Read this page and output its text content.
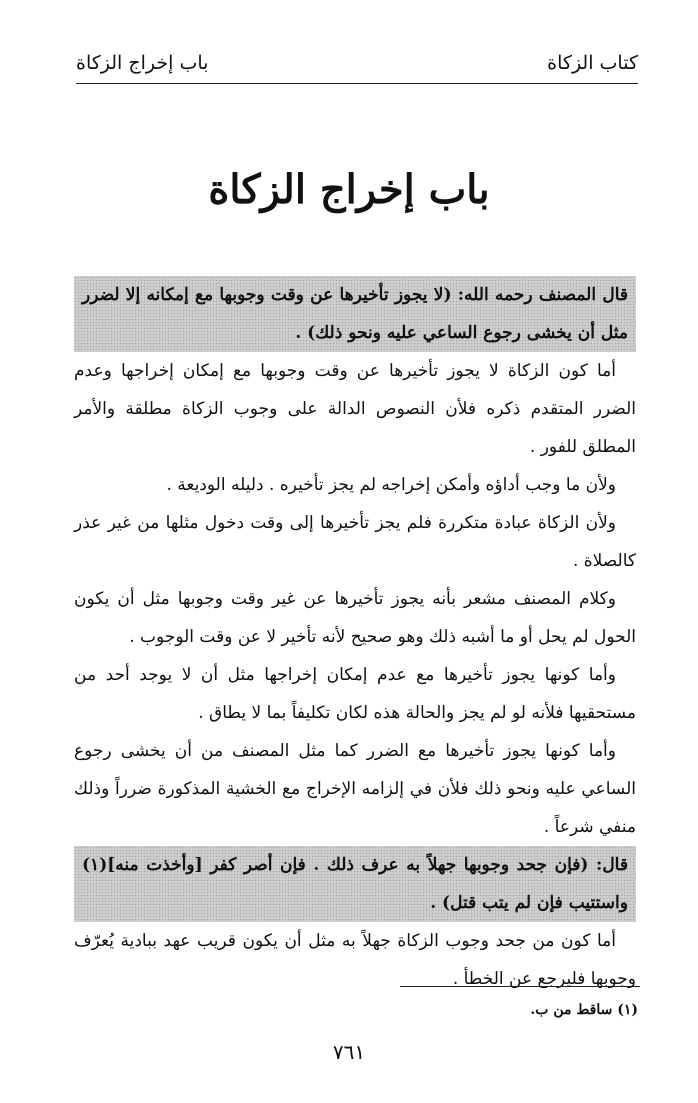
كتاب الزكاة
باب إخراج الزكاة
باب إخراج الزكاة

قال المصنف رحمه الله: (لا يجوز تأخيرها عن وقت وجوبها مع إمكانه إلا لضرر مثل أن يخشى رجوع الساعي عليه ونحو ذلك) .

أما كون الزكاة لا يجوز تأخيرها عن وقت وجوبها مع إمكان إخراجها وعدم الضرر المتقدم ذكره فلأن النصوص الدالة على وجوب الزكاة مطلقة والأمر المطلق للفور .

ولأن ما وجب أداؤه وأمكن إخراجه لم يجز تأخيره . دليله الوديعة .

ولأن الزكاة عبادة متكررة فلم يجز تأخيرها إلى وقت دخول مثلها من غير عذر كالصلاة .

وكلام المصنف مشعر بأنه يجوز تأخيرها عن غير وقت وجوبها مثل أن يكون الحول لم يحل أو ما أشبه ذلك وهو صحيح لأنه تأخير لا عن وقت الوجوب .

وأما كونها يجوز تأخيرها مع عدم إمكان إخراجها مثل أن لا يوجد أحد من مستحقيها فلأنه لو لم يجز والحالة هذه لكان تكليفاً بما لا يطاق .

وأما كونها يجوز تأخيرها مع الضرر كما مثل المصنف من أن يخشى رجوع الساعي عليه ونحو ذلك فلأن في إلزامه الإخراج مع الخشية المذكورة ضرراً وذلك منفي شرعاً .

قال: (فإن جحد وجوبها جهلاً به عرف ذلك . فإن أصر كفر [وأخذت منه](١) واستتيب فإن لم يتب قتل) .

أما كون من جحد وجوب الزكاة جهلاً به مثل أن يكون قريب عهد ببادية يُعرّف وجوبها فليرجع عن الخطأ .

(١) ساقط من ب.
٧٦١
